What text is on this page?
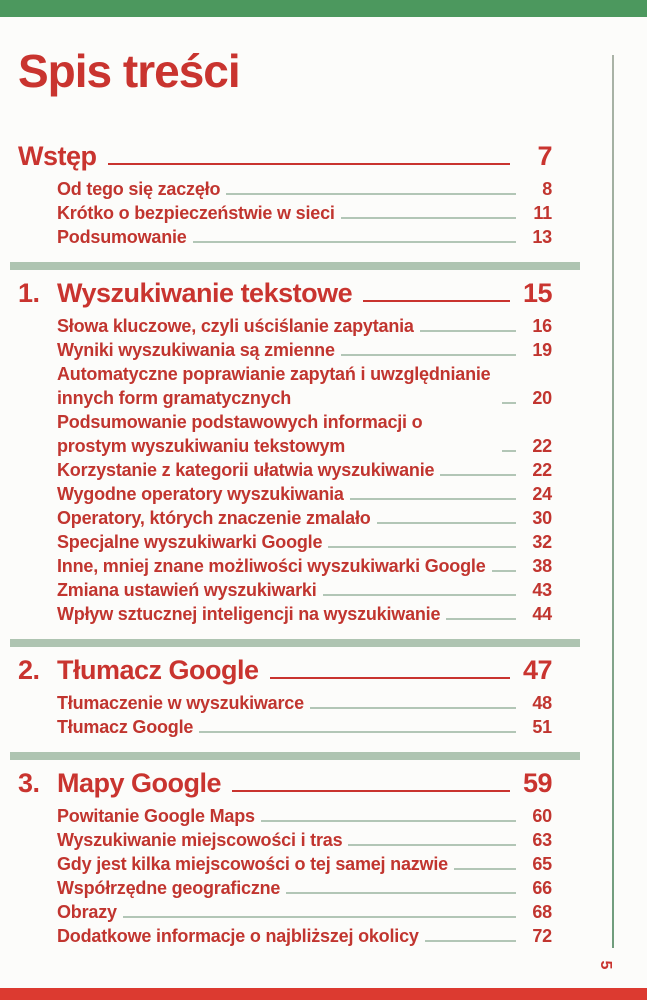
Spis treści
Wstęp	7
Od tego się zaczęło	8
Krótko o bezpieczeństwie w sieci	11
Podsumowanie	13
1. Wyszukiwanie tekstowe	15
Słowa kluczowe, czyli uściślanie zapytania	16
Wyniki wyszukiwania są zmienne	19
Automatyczne poprawianie zapytań i uwzględnianie innych form gramatycznych	20
Podsumowanie podstawowych informacji o prostym wyszukiwaniu tekstowym	22
Korzystanie z kategorii ułatwia wyszukiwanie	22
Wygodne operatory wyszukiwania	24
Operatory, których znaczenie zmalało	30
Specjalne wyszukiwarki Google	32
Inne, mniej znane możliwości wyszukiwarki Google	38
Zmiana ustawień wyszukiwarki	43
Wpływ sztucznej inteligencji na wyszukiwanie	44
2. Tłumacz Google	47
Tłumaczenie w wyszukiwarce	48
Tłumacz Google	51
3. Mapy Google	59
Powitanie Google Maps	60
Wyszukiwanie miejscowości i tras	63
Gdy jest kilka miejscowości o tej samej nazwie	65
Współrzędne geograficzne	66
Obrazy	68
Dodatkowe informacje o najbliższej okolicy	72
5
